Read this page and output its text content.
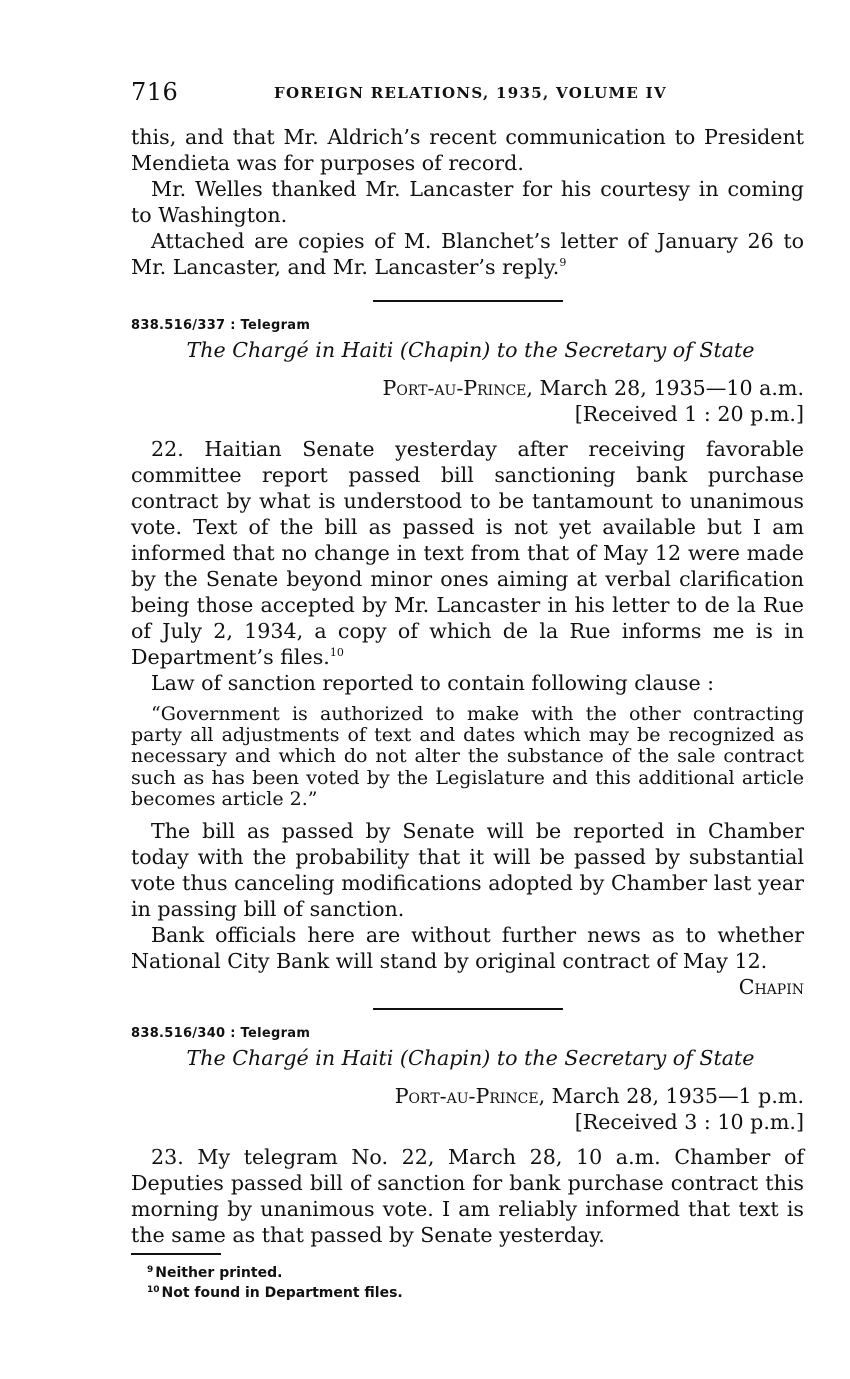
716	FOREIGN RELATIONS, 1935, VOLUME IV

this, and that Mr. Aldrich’s recent communication to President Mendieta was for purposes of record.

Mr. Welles thanked Mr. Lancaster for his courtesy in coming to Washington.

Attached are copies of M. Blanchet’s letter of January 26 to Mr. Lancaster, and Mr. Lancaster’s reply.$^9$

838.516/337 : Telegram
The Chargé in Haiti (Chapin) to the Secretary of State
Port-au-Prince, March 28, 1935—10 a.m.
[Received 1 : 20 p.m.]

22. Haitian Senate yesterday after receiving favorable committee report passed bill sanctioning bank purchase contract by what is understood to be tantamount to unanimous vote. Text of the bill as passed is not yet available but I am informed that no change in text from that of May 12 were made by the Senate beyond minor ones aiming at verbal clarification being those accepted by Mr. Lancaster in his letter to de la Rue of July 2, 1934, a copy of which de la Rue informs me is in Department’s files.$^{10}$

Law of sanction reported to contain following clause :

“Government is authorized to make with the other contracting party all adjustments of text and dates which may be recognized as necessary and which do not alter the substance of the sale contract such as has been voted by the Legislature and this additional article becomes article 2.”

The bill as passed by Senate will be reported in Chamber today with the probability that it will be passed by substantial vote thus canceling modifications adopted by Chamber last year in passing bill of sanction.

Bank officials here are without further news as to whether National City Bank will stand by original contract of May 12.

Chapin
838.516/340 : Telegram
The Chargé in Haiti (Chapin) to the Secretary of State
Port-au-Prince, March 28, 1935—1 p.m.
[Received 3 : 10 p.m.]

23. My telegram No. 22, March 28, 10 a.m. Chamber of Deputies passed bill of sanction for bank purchase contract this morning by unanimous vote. I am reliably informed that text is the same as that passed by Senate yesterday.

$^9$ Neither printed.
$^{10}$ Not found in Department files.
